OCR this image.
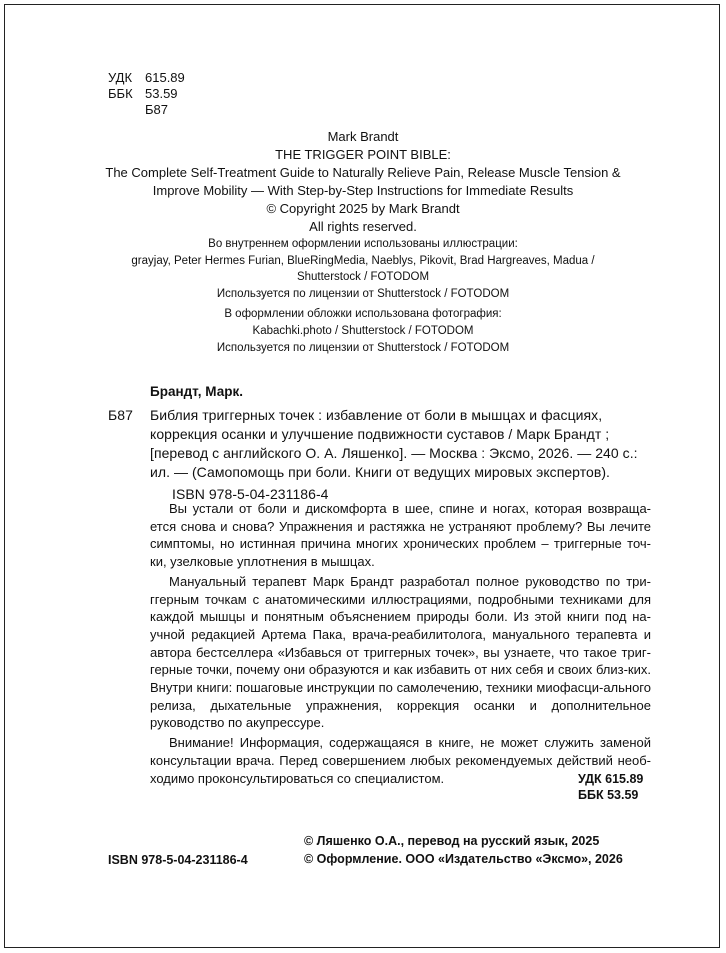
УДК 615.89
ББК 53.59
Б87
Mark Brandt
THE TRIGGER POINT BIBLE:
The Complete Self-Treatment Guide to Naturally Relieve Pain, Release Muscle Tension &
Improve Mobility — With Step-by-Step Instructions for Immediate Results
© Copyright 2025 by Mark Brandt
All rights reserved.
Во внутреннем оформлении использованы иллюстрации:
grayjay, Peter Hermes Furian, BlueRingMedia, Naeblys, Pikovit, Brad Hargreaves, Madua /
Shutterstock / FOTODOM
Используется по лицензии от Shutterstock / FOTODOM
В оформлении обложки использована фотография:
Kabachki.photo / Shutterstock / FOTODOM
Используется по лицензии от Shutterstock / FOTODOM
Брандт, Марк.
Б87 Библия триггерных точек : избавление от боли в мышцах и фасциях,
коррекция осанки и улучшение подвижности суставов / Марк Брандт ;
[перевод с английского О. А. Ляшенко]. — Москва : Эксмо, 2026. — 240 с.:
ил. — (Самопомощь при боли. Книги от ведущих мировых экспертов).
ISBN 978-5-04-231186-4

Вы устали от боли и дискомфорта в шее, спине и ногах, которая возвраща-ется снова и снова? Упражнения и растяжка не устраняют проблему? Вы лечите симптомы, но истинная причина многих хронических проблем – триггерные точ-ки, узелковые уплотнения в мышцах.

Мануальный терапевт Марк Брандт разработал полное руководство по три-ггерным точкам с анатомическими иллюстрациями, подробными техниками для каждой мышцы и понятным объяснением природы боли. Из этой книги под на-учной редакцией Артема Пака, врача-реабилитолога, мануального терапевта и автора бестселлера «Избавься от триггерных точек», вы узнаете, что такое триг-герные точки, почему они образуются и как избавить от них себя и своих близ-ких. Внутри книги: пошаговые инструкции по самолечению, техники миофасци-ального релиза, дыхательные упражнения, коррекция осанки и дополнительное руководство по акупрессуре.

Внимание! Информация, содержащаяся в книге, не может служить заменой консультации врача. Перед совершением любых рекомендуемых действий необ-ходимо проконсультироваться со специалистом.	УДК 615.89
ББК 53.59
ISBN 978-5-04-231186-4
© Ляшенко О.А., перевод на русский язык, 2025
© Оформление. ООО «Издательство «Эксмо», 2026
